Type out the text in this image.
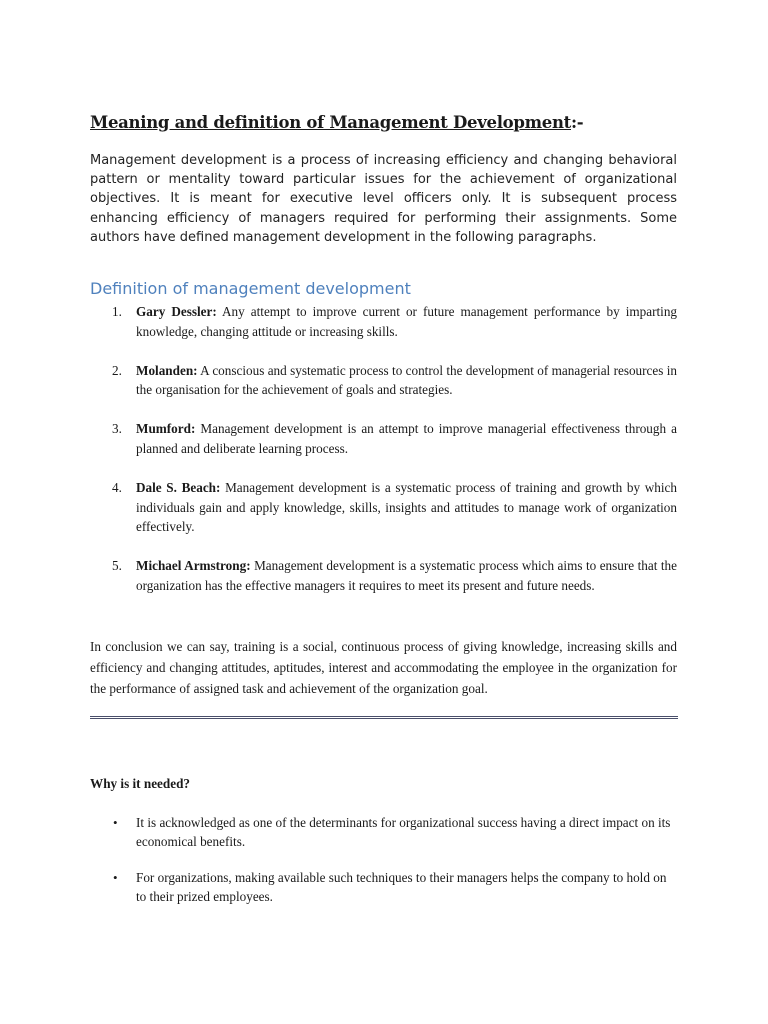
Meaning and definition of Management Development:-

Management development is a process of increasing efficiency and changing behavioral pattern or mentality toward particular issues for the achievement of organizational objectives. It is meant for executive level officers only. It is subsequent process enhancing efficiency of managers required for performing their assignments. Some authors have defined management development in the following paragraphs.

Definition of management development
1. Gary Dessler: Any attempt to improve current or future management performance by imparting knowledge, changing attitude or increasing skills.
2. Molanden: A conscious and systematic process to control the development of managerial resources in the organisation for the achievement of goals and strategies.
3. Mumford: Management development is an attempt to improve managerial effectiveness through a planned and deliberate learning process.
4. Dale S. Beach: Management development is a systematic process of training and growth by which individuals gain and apply knowledge, skills, insights and attitudes to manage work of organization effectively.
5. Michael Armstrong: Management development is a systematic process which aims to ensure that the organization has the effective managers it requires to meet its present and future needs.

In conclusion we can say, training is a social, continuous process of giving knowledge, increasing skills and efficiency and changing attitudes, aptitudes, interest and accommodating the employee in the organization for the performance of assigned task and achievement of the organization goal.

Why is it needed?
• It is acknowledged as one of the determinants for organizational success having a direct impact on its economical benefits.
• For organizations, making available such techniques to their managers helps the company to hold on to their prized employees.
